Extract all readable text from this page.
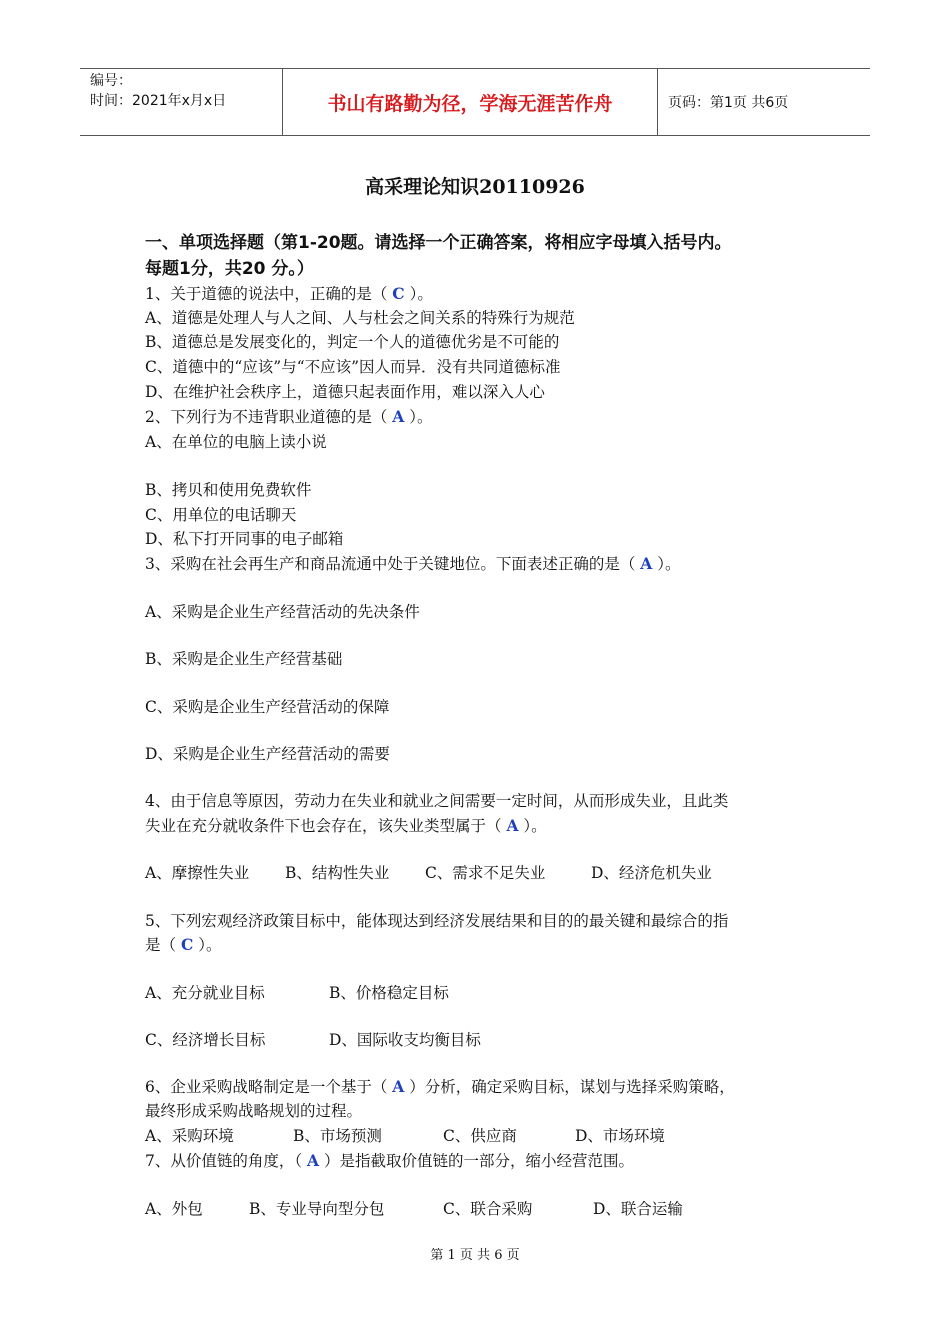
编号：
时间：2021年x月x日	书山有路勤为径，学海无涯苦作舟	页码：第1页 共6页
高采理论知识20110926
一、单项选择题（第1-20题。请选择一个正确答案，将相应字母填入括号内。
每题1分，共20 分。）
1、关于道德的说法中，正确的是（ C ）。
A、道德是处理人与人之间、人与杜会之间关系的特殊行为规范
B、道德总是发展变化的，判定一个人的道德优劣是不可能的
C、道德中的“应该”与“不应该”因人而异．没有共同道德标准
D、在维护社会秩序上，道德只起表面作用，难以深入人心
2、下列行为不违背职业道德的是（ A ）。
A、在单位的电脑上读小说
B、拷贝和使用免费软件
C、用单位的电话聊天
D、私下打开同事的电子邮箱
3、采购在社会再生产和商品流通中处于关键地位。下面表述正确的是（ A ）。
A、采购是企业生产经营活动的先决条件
B、采购是企业生产经营基础
C、采购是企业生产经营活动的保障
D、采购是企业生产经营活动的需要
4、由于信息等原因，劳动力在失业和就业之间需要一定时间，从而形成失业，且此类
失业在充分就收条件下也会存在，该失业类型属于（ A ）。
A、摩擦性失业 B、结构性失业 C、需求不足失业	D、经济危机失业
5、下列宏观经济政策目标中，能体现达到经济发展结果和目的的最关键和最综合的指
是（ C ）。
A、充分就业目标	B、价格稳定目标
C、经济增长目标	D、国际收支均衡目标
6、企业采购战略制定是一个基于（ A ）分析，确定采购目标，谋划与选择采购策略，
最终形成采购战略规划的过程。
A、采购环境	B、市场预测	C、供应商	D、市场环境
7、从价值链的角度，（ A ）是指截取价值链的一部分，缩小经营范围。
A、外包	B、专业导向型分包	C、联合采购	D、联合运输
第 1 页 共 6 页
